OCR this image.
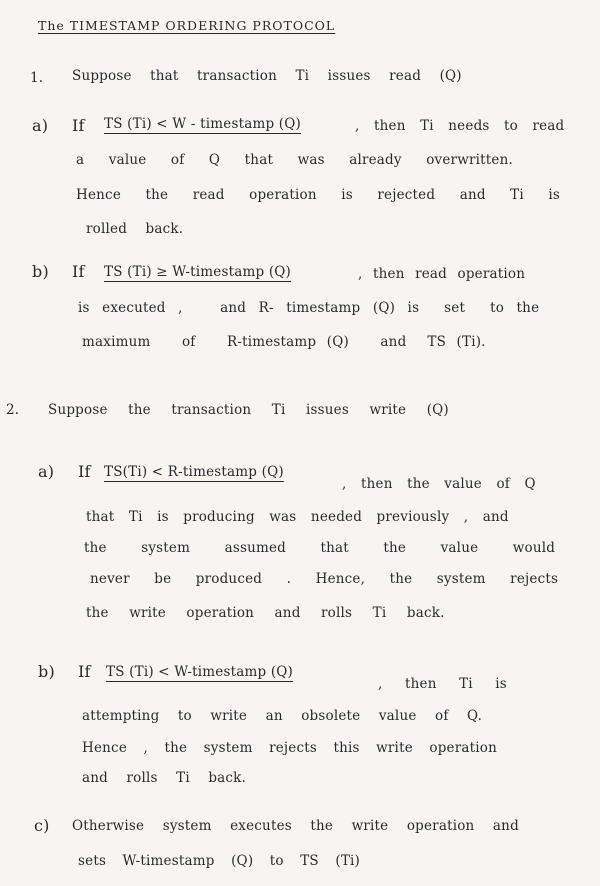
The TIMESTAMP ORDERING PROTOCOL
1.	Suppose that transaction Ti issues read (Q)
a)	If	TS (Ti) < W - timestamp (Q)	, then Ti needs to read
a value of Q that was already overwritten.
Hence the read operation is rejected and Ti is
rolled back.
b)	If	TS (Ti) ≥ W-timestamp (Q)	, then read operation
is executed ,   and R- timestamp (Q) is  set  to the
maximum   of   R-timestamp (Q)   and  TS (Ti).
2.	Suppose the transaction Ti issues write (Q)
a)	If TS(Ti) < R-timestamp (Q)
, then the value of Q
that Ti is producing was needed previously , and
the system assumed that the value would
never be produced . Hence, the system rejects
the write operation and rolls Ti back.
b)	If	TS (Ti) < W-timestamp (Q)
, then Ti is
attempting to write an obsolete value of Q.
Hence , the system rejects this write operation
and rolls Ti back.
c)	Otherwise system executes the write operation and
sets W-timestamp (Q) to TS (Ti)
